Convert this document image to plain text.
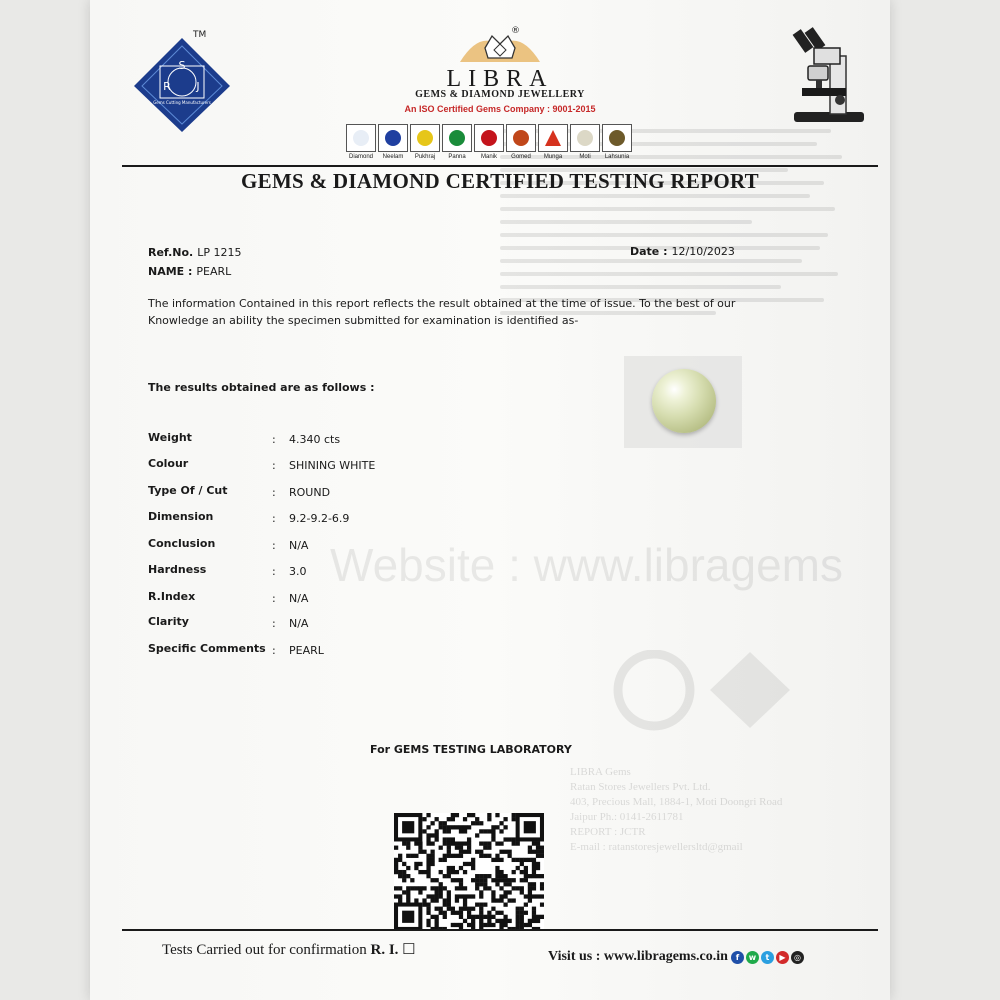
Website : www.libragems
LIBRA Gems
Ratan Stores Jewellers Pvt. Ltd.
403, Precious Mall, 1884-1, Moti Doongri Road
Jaipur Ph.: 0141-2611781
REPORT : JCTR
E-mail : ratanstoresjewellersltd@gmail
S
R J
Gems Cutting Manufacturers
TM	®
LIBRA
GEMS & DIAMOND JEWELLERY
An ISO Certified Gems Company : 9001-2015
Diamond	Neelam	Pukhraj	Panna	Manik	Gomed	Munga	Moti	Lahsunia
GEMS & DIAMOND CERTIFIED TESTING REPORT
Ref.No. LP 1215
NAME : PEARL
Date : 12/10/2023
The information Contained in this report reflects the result obtained at the time of issue. To the best of our
Knowledge an ability the specimen submitted for examination is identified as-
The results obtained are as follows :
Weight	: 4.340 cts
Colour	: SHINING WHITE
Type Of / Cut	: ROUND
Dimension	: 9.2-9.2-6.9
Conclusion	: N/A
Hardness	: 3.0
R.Index	: N/A
Clarity	: N/A
Specific Comments : PEARL
For GEMS TESTING LABORATORY
Tests Carried out for confirmation R. I. ☐	Visit us : www.libragems.co.in f	w	t	▶	◎
